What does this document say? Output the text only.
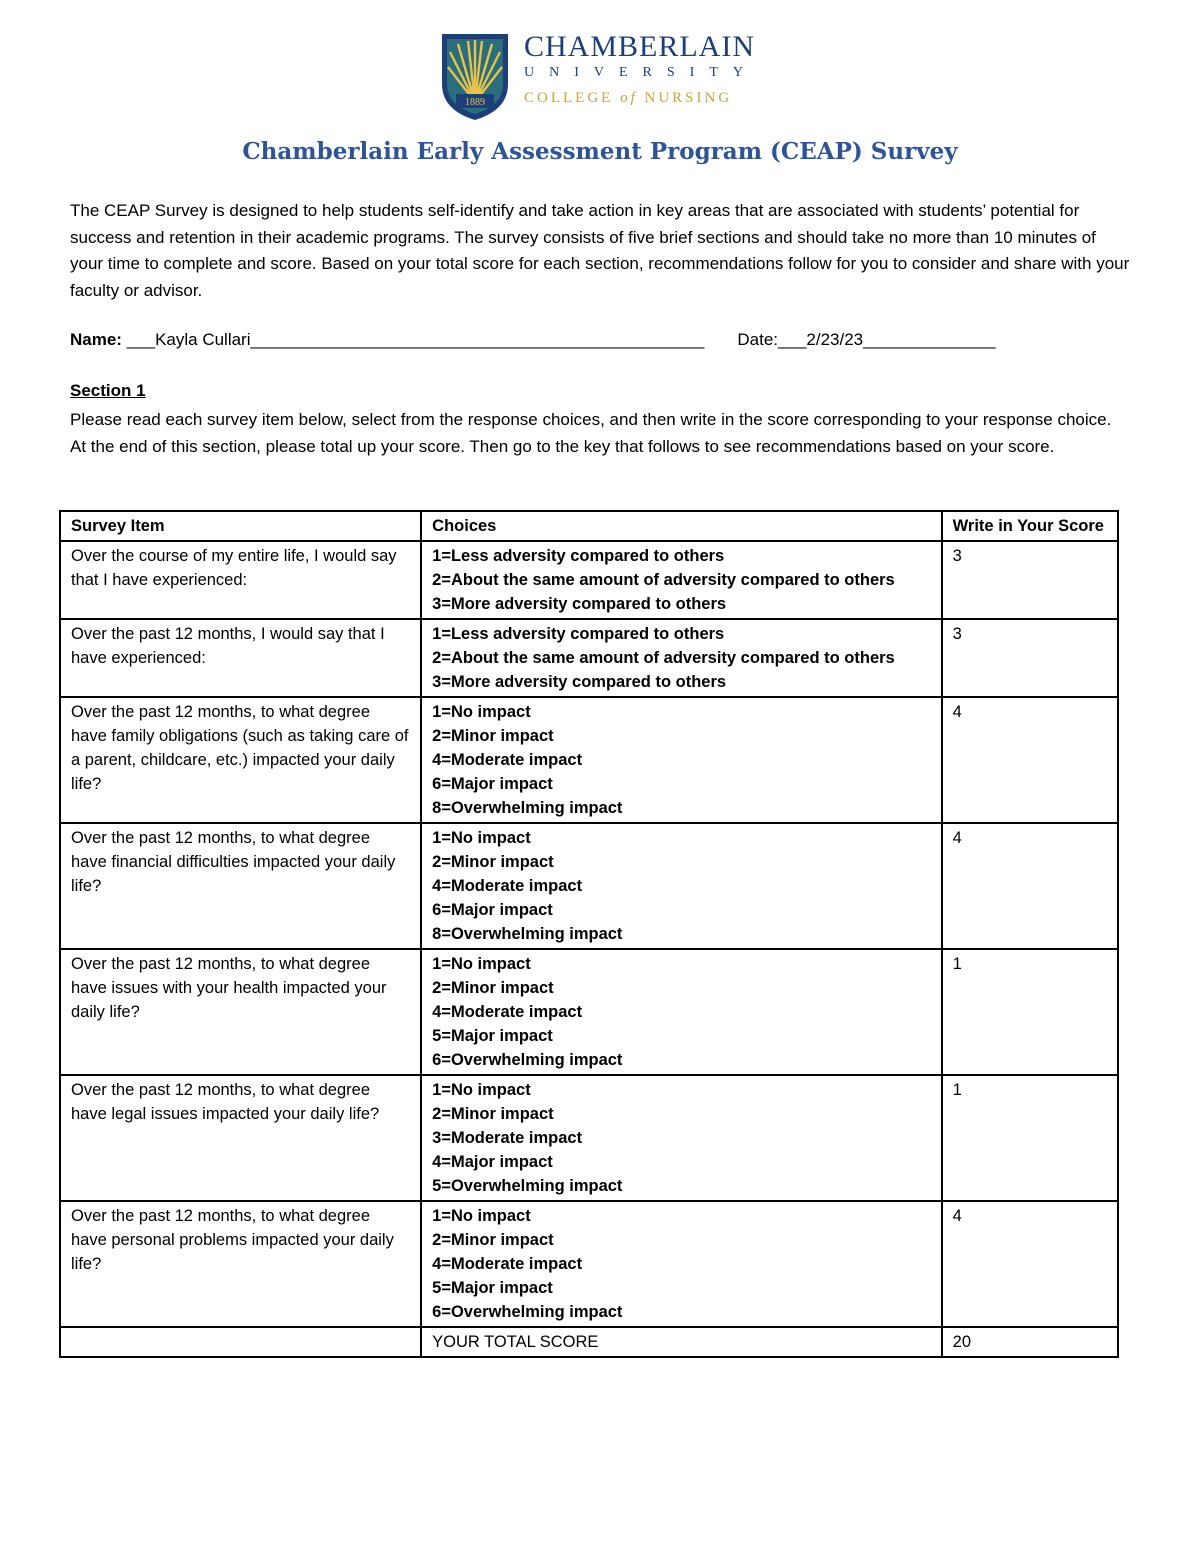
1889
CHAMBERLAIN
UNIVERSITY
COLLEGE of NURSING
Chamberlain Early Assessment Program (CEAP) Survey
The CEAP Survey is designed to help students self-identify and take action in key areas that are associated with students’ potential for success and retention in their academic programs. The survey consists of five brief sections and should take no more than 10 minutes of your time to complete and score. Based on your total score for each section, recommendations follow for you to consider and share with your faculty or advisor.
Name: ___Kayla Cullari________________________________________________ Date:___2/23/23______________
Section 1
Please read each survey item below, select from the response choices, and then write in the score corresponding to your response choice. At the end of this section, please total up your score. Then go to the key that follows to see recommendations based on your score.
Survey Item	Choices	Write in Your Score
Over the course of my entire life, I would say that I have experienced:	1=Less adversity compared to others
2=About the same amount of adversity compared to others
3=More adversity compared to others	3
Over the past 12 months, I would say that I have experienced:	1=Less adversity compared to others
2=About the same amount of adversity compared to others
3=More adversity compared to others	3
Over the past 12 months, to what degree have family obligations (such as taking care of a parent, childcare, etc.) impacted your daily life?	1=No impact
2=Minor impact
4=Moderate impact
6=Major impact
8=Overwhelming impact	4
Over the past 12 months, to what degree have financial difficulties impacted your daily life?	1=No impact
2=Minor impact
4=Moderate impact
6=Major impact
8=Overwhelming impact	4
Over the past 12 months, to what degree have issues with your health impacted your daily life?	1=No impact
2=Minor impact
4=Moderate impact
5=Major impact
6=Overwhelming impact	1
Over the past 12 months, to what degree have legal issues impacted your daily life?	1=No impact
2=Minor impact
3=Moderate impact
4=Major impact
5=Overwhelming impact	1
Over the past 12 months, to what degree have personal problems impacted your daily life?	1=No impact
2=Minor impact
4=Moderate impact
5=Major impact
6=Overwhelming impact	4
	YOUR TOTAL SCORE	20
